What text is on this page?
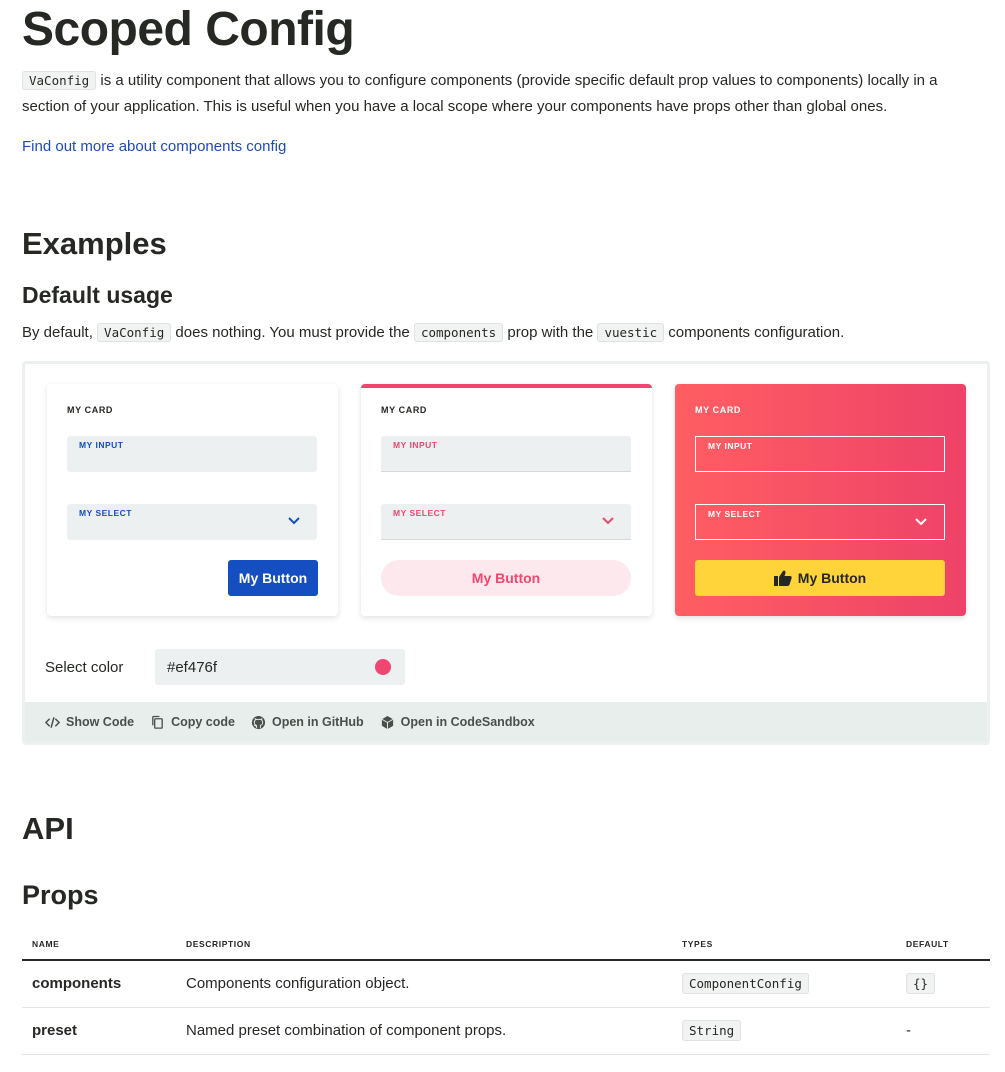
Scoped Config

VaConfig is a utility component that allows you to configure components (provide specific default prop values to components) locally in a section of your application. This is useful when you have a local scope where your components have props other than global ones.

Find out more about components config
Examples
Default usage

By default, VaConfig does nothing. You must provide the components prop with the vuestic components configuration.

MY CARD
MY INPUT
MY SELECT
My Button
MY CARD
MY INPUT
MY SELECT
My Button
MY CARD
MY INPUT
MY SELECT
My Button
Select color	#ef476f
Show Code	Copy code	Open in GitHub	Open in CodeSandbox
API
Props
NAME	DESCRIPTION	TYPES	DEFAULT
components	Components configuration object.	ComponentConfig	{}
preset	Named preset combination of component props.	String	-
